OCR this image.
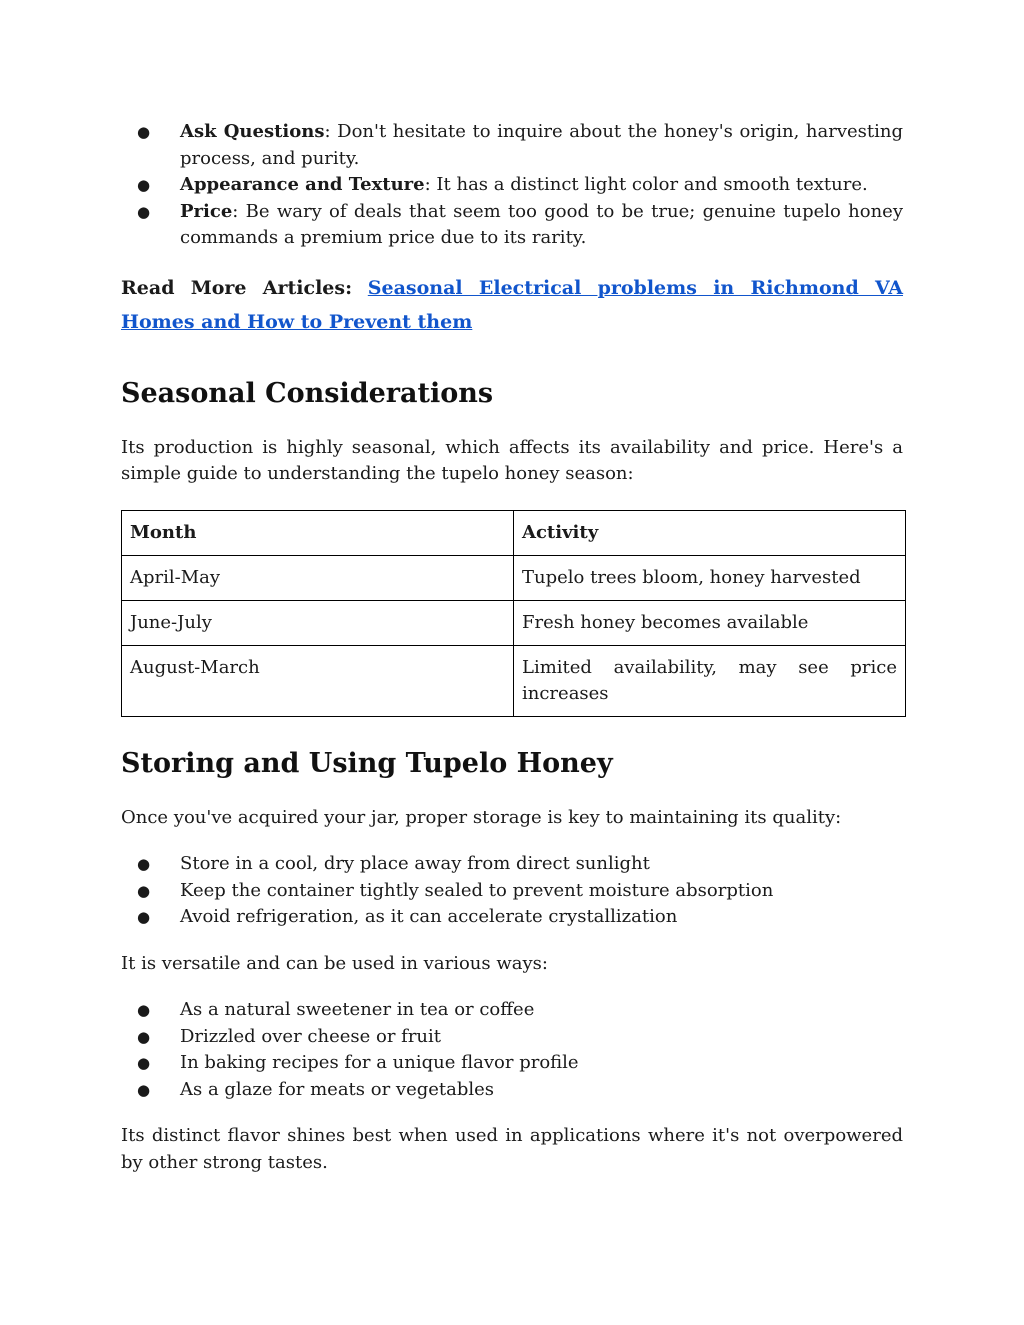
● Ask Questions: Don't hesitate to inquire about the honey's origin, harvesting process, and purity.
● Appearance and Texture: It has a distinct light color and smooth texture.
● Price: Be wary of deals that seem too good to be true; genuine tupelo honey commands a premium price due to its rarity.

Read More Articles: Seasonal Electrical problems in Richmond VA Homes and How to Prevent them

Seasonal Considerations

Its production is highly seasonal, which affects its availability and price. Here's a simple guide to understanding the tupelo honey season:

Month	Activity
April-May	Tupelo trees bloom, honey harvested
June-July	Fresh honey becomes available
August-March	Limited availability, may see price increases
Storing and Using Tupelo Honey

Once you've acquired your jar, proper storage is key to maintaining its quality:

● Store in a cool, dry place away from direct sunlight
● Keep the container tightly sealed to prevent moisture absorption
● Avoid refrigeration, as it can accelerate crystallization

It is versatile and can be used in various ways:

● As a natural sweetener in tea or coffee
● Drizzled over cheese or fruit
● In baking recipes for a unique flavor profile
● As a glaze for meats or vegetables

Its distinct flavor shines best when used in applications where it's not overpowered by other strong tastes.
